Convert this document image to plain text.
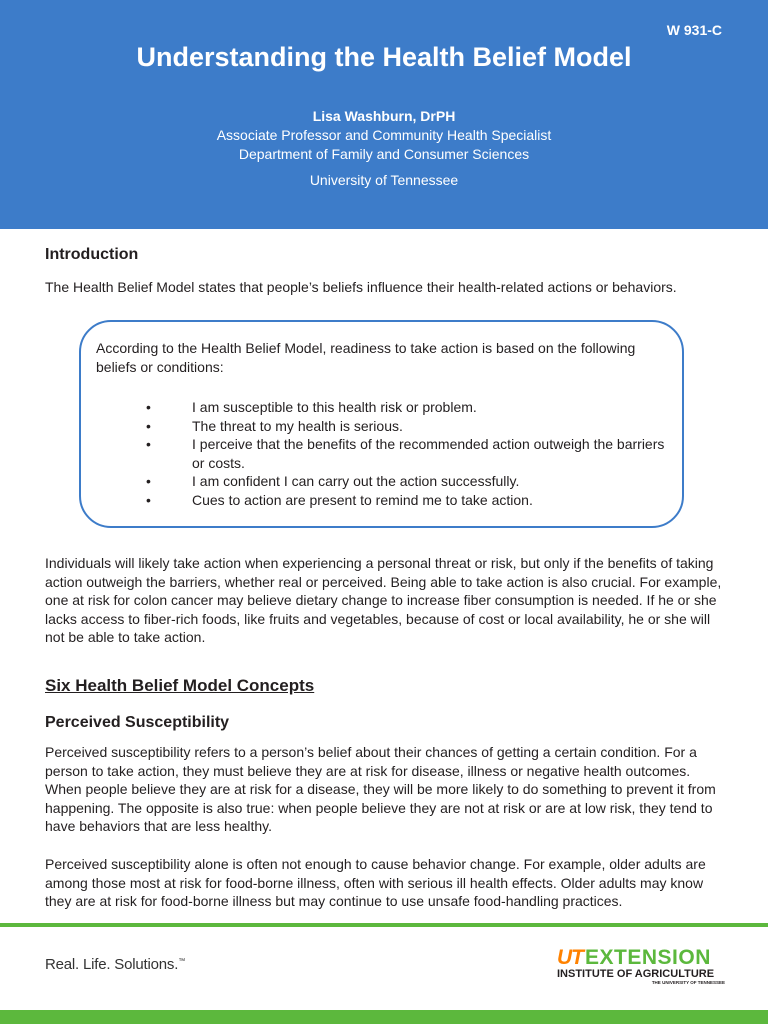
W 931-C
Understanding the Health Belief Model
Lisa Washburn, DrPH
Associate Professor and Community Health Specialist
Department of Family and Consumer Sciences
University of Tennessee
Introduction

The Health Belief Model states that people’s beliefs influence their health-related actions or behaviors.

According to the Health Belief Model, readiness to take action is based on the following beliefs or conditions:
•	I am susceptible to this health risk or problem.
•	The threat to my health is serious.
•	I perceive that the benefits of the recommended action outweigh the barriers or costs.
•	I am confident I can carry out the action successfully.
•	Cues to action are present to remind me to take action.

Individuals will likely take action when experiencing a personal threat or risk, but only if the benefits of taking action outweigh the barriers, whether real or perceived. Being able to take action is also crucial. For example, one at risk for colon cancer may believe dietary change to increase fiber consumption is needed. If he or she lacks access to fiber-rich foods, like fruits and vegetables, because of cost or local availability, he or she will not be able to take action.

Six Health Belief Model Concepts
Perceived Susceptibility

Perceived susceptibility refers to a person’s belief about their chances of getting a certain condition. For a person to take action, they must believe they are at risk for disease, illness or negative health outcomes. When people believe they are at risk for a disease, they will be more likely to do something to prevent it from happening. The opposite is also true: when people believe they are not at risk or are at low risk, they tend to have behaviors that are less healthy.

Perceived susceptibility alone is often not enough to cause behavior change. For example, older adults are among those most at risk for food-borne illness, often with serious ill health effects. Older adults may know they are at risk for food-borne illness but may continue to use unsafe food-handling practices.

Real. Life. Solutions.™	UT EXTENSION
INSTITUTE OF AGRICULTURE
THE UNIVERSITY OF TENNESSEE
